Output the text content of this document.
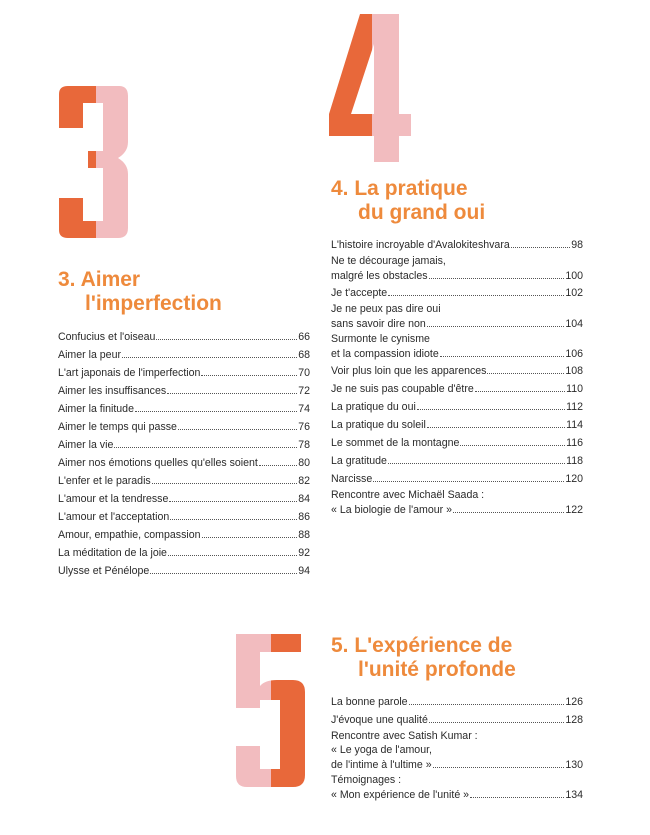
3. Aimer
l'imperfection
4. La pratique
du grand oui
5. L'expérience de
l'unité profonde
Confucius et l'oiseau	66
Aimer la peur	68
L'art japonais de l'imperfection	70
Aimer les insuffisances	72
Aimer la finitude	74
Aimer le temps qui passe	76
Aimer la vie	78
Aimer nos émotions quelles qu'elles soient	80
L'enfer et le paradis	82
L'amour et la tendresse	84
L'amour et l'acceptation	86
Amour, empathie, compassion	88
La méditation de la joie	92
Ulysse et Pénélope	94
L'histoire incroyable d'Avalokiteshvara	98
Ne te décourage jamais,
malgré les obstacles	100
Je t'accepte	102
Je ne peux pas dire oui
sans savoir dire non	104
Surmonte le cynisme
et la compassion idiote	106
Voir plus loin que les apparences	108
Je ne suis pas coupable d'être	110
La pratique du oui	112
La pratique du soleil	114
Le sommet de la montagne	116
La gratitude	118
Narcisse	120
Rencontre avec Michaël Saada :
« La biologie de l'amour »	122
La bonne parole	126
J'évoque une qualité	128
Rencontre avec Satish Kumar :
« Le yoga de l'amour,
de l'intime à l'ultime »	130
Témoignages :
« Mon expérience de l'unité »	134
